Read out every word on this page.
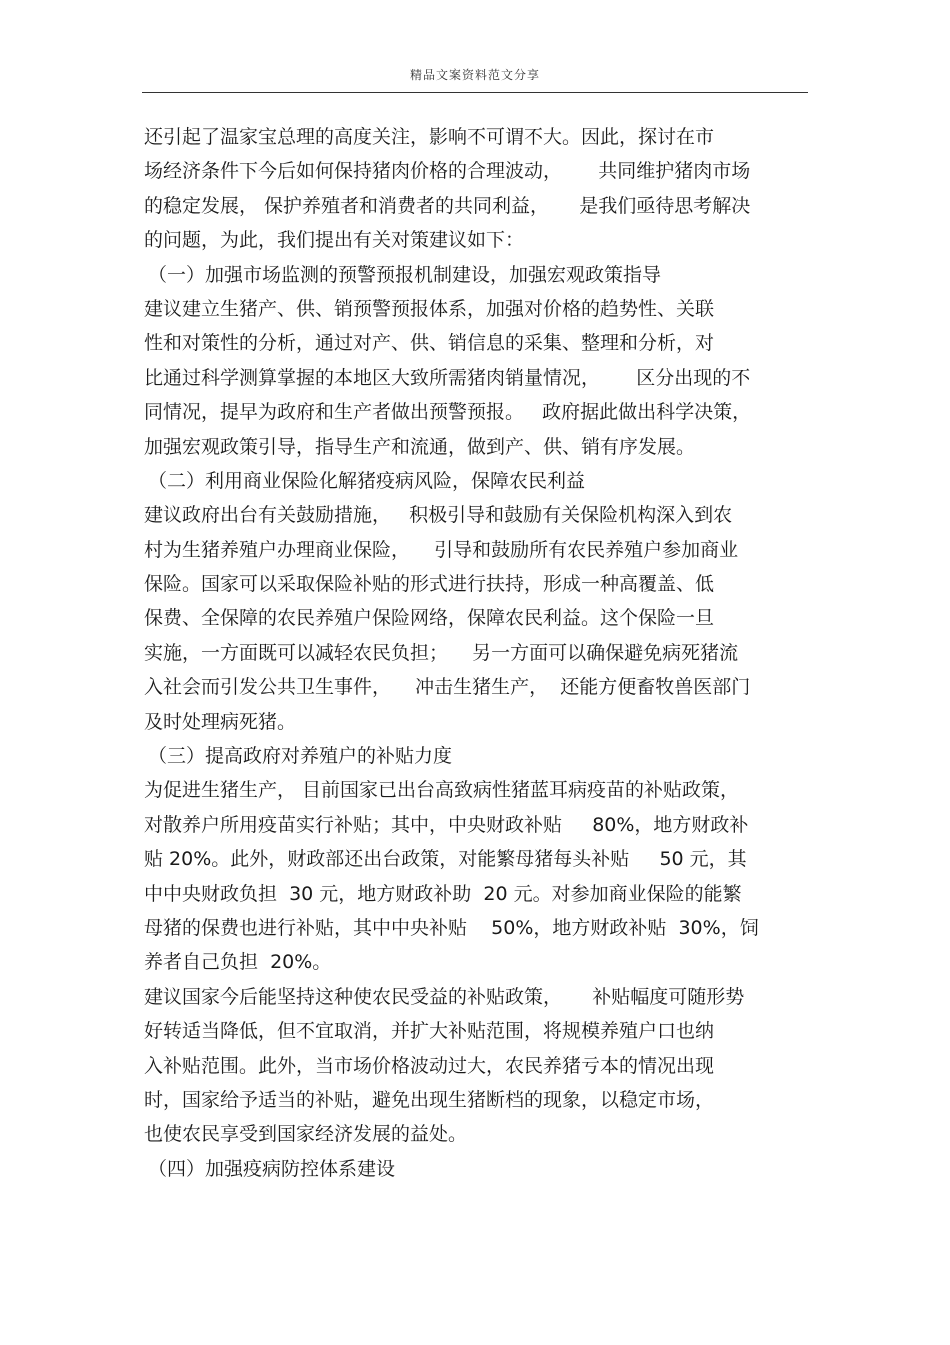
精品文案资料范文分享
还引起了温家宝总理的高度关注，影响不可谓不大。因此，探讨在市
场经济条件下今后如何保持猪肉价格的合理波动，      共同维护猪肉市场
的稳定发展， 保护养殖者和消费者的共同利益，     是我们亟待思考解决
的问题，为此，我们提出有关对策建议如下：
（一）加强市场监测的预警预报机制建设，加强宏观政策指导
建议建立生猪产、供、销预警预报体系，加强对价格的趋势性、关联
性和对策性的分析，通过对产、供、销信息的采集、整理和分析，对
比通过科学测算掌握的本地区大致所需猪肉销量情况，      区分出现的不
同情况，提早为政府和生产者做出预警预报。   政府据此做出科学决策，
加强宏观政策引导，指导生产和流通，做到产、供、销有序发展。
（二）利用商业保险化解猪疫病风险，保障农民利益
建议政府出台有关鼓励措施，   积极引导和鼓励有关保险机构深入到农
村为生猪养殖户办理商业保险，    引导和鼓励所有农民养殖户参加商业
保险。国家可以采取保险补贴的形式进行扶持，形成一种高覆盖、低
保费、全保障的农民养殖户保险网络，保障农民利益。这个保险一旦
实施，一方面既可以减轻农民负担；    另一方面可以确保避免病死猪流
入社会而引发公共卫生事件，    冲击生猪生产，  还能方便畜牧兽医部门
及时处理病死猪。
（三）提高政府对养殖户的补贴力度
为促进生猪生产， 目前国家已出台高致病性猪蓝耳病疫苗的补贴政策，
对散养户所用疫苗实行补贴；其中，中央财政补贴     80%，地方财政补
贴 20%。此外，财政部还出台政策，对能繁母猪每头补贴     50 元，其
中中央财政负担  30 元，地方财政补助  20 元。对参加商业保险的能繁
母猪的保费也进行补贴，其中中央补贴    50%，地方财政补贴  30%，饲
养者自己负担  20%。
建议国家今后能坚持这种使农民受益的补贴政策，     补贴幅度可随形势
好转适当降低，但不宜取消，并扩大补贴范围，将规模养殖户口也纳
入补贴范围。此外，当市场价格波动过大，农民养猪亏本的情况出现
时，国家给予适当的补贴，避免出现生猪断档的现象，以稳定市场，
也使农民享受到国家经济发展的益处。
（四）加强疫病防控体系建设
